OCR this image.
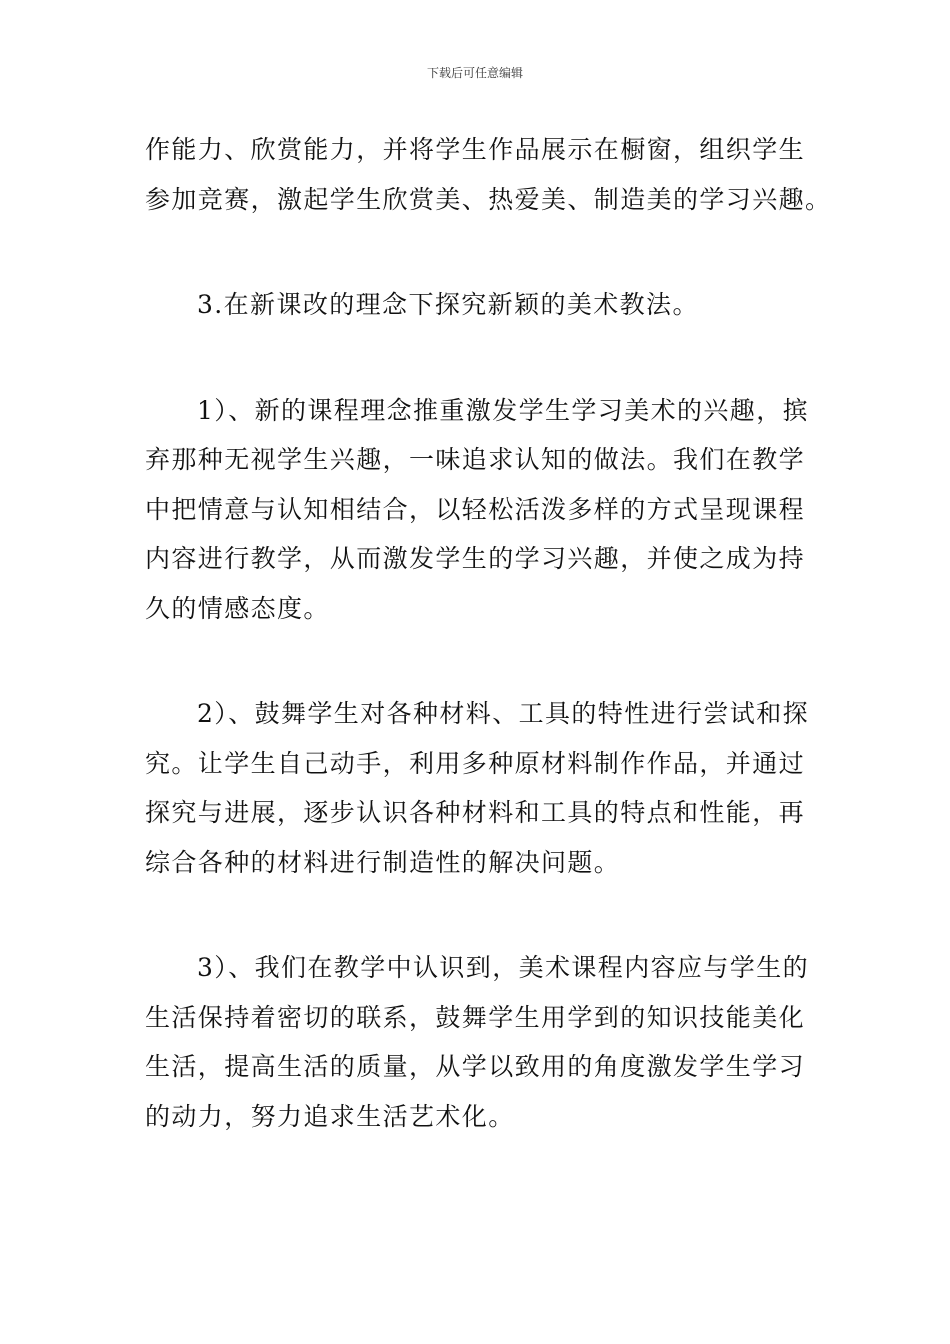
下载后可任意编辑

作能力、欣赏能力，并将学生作品展示在橱窗，组织学生
参加竞赛，激起学生欣赏美、热爱美、制造美的学习兴趣。

3.在新课改的理念下探究新颖的美术教法。

1）、新的课程理念推重激发学生学习美术的兴趣，摈
弃那种无视学生兴趣，一味追求认知的做法。我们在教学
中把情意与认知相结合，以轻松活泼多样的方式呈现课程
内容进行教学，从而激发学生的学习兴趣，并使之成为持
久的情感态度。

2）、鼓舞学生对各种材料、工具的特性进行尝试和探
究。让学生自己动手，利用多种原材料制作作品，并通过
探究与进展，逐步认识各种材料和工具的特点和性能，再
综合各种的材料进行制造性的解决问题。

3）、我们在教学中认识到，美术课程内容应与学生的
生活保持着密切的联系，鼓舞学生用学到的知识技能美化
生活，提高生活的质量，从学以致用的角度激发学生学习
的动力，努力追求生活艺术化。
